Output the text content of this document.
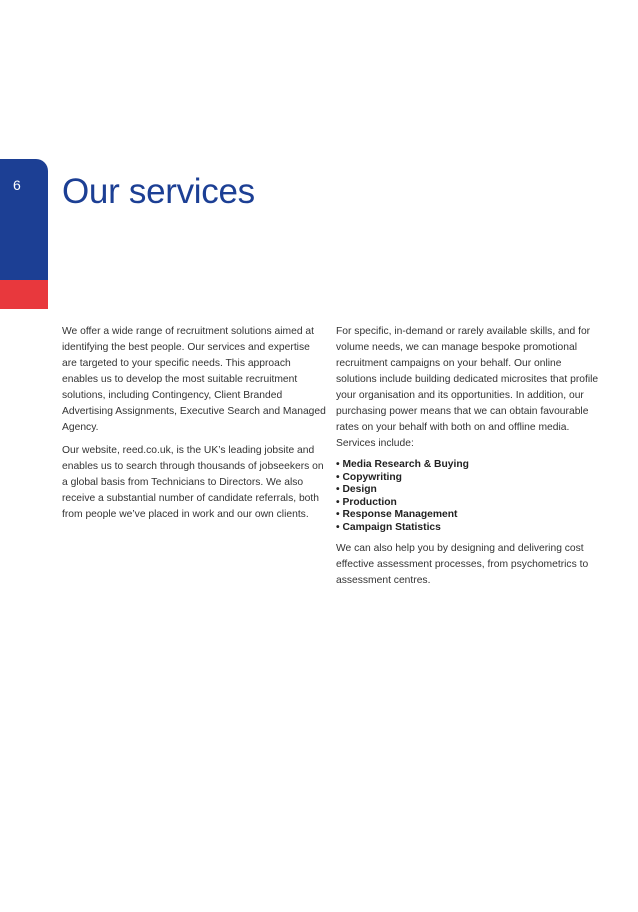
6 Our services

We offer a wide range of recruitment solutions aimed at identifying the best people. Our services and expertise are targeted to your specific needs. This approach enables us to develop the most suitable recruitment solutions, including Contingency, Client Branded Advertising Assignments, Executive Search and Managed Agency.

Our website, reed.co.uk, is the UK’s leading jobsite and enables us to search through thousands of jobseekers on a global basis from Technicians to Directors. We also receive a substantial number of candidate referrals, both from people we’ve placed in work and our own clients.

For specific, in-demand or rarely available skills, and for volume needs, we can manage bespoke promotional recruitment campaigns on your behalf. Our online solutions include building dedicated microsites that profile your organisation and its opportunities. In addition, our purchasing power means that we can obtain favourable rates on your behalf with both on and offline media. Services include:

• Media Research & Buying
• Copywriting
• Design
• Production
• Response Management
• Campaign Statistics

We can also help you by designing and delivering cost effective assessment processes, from psychometrics to assessment centres.
